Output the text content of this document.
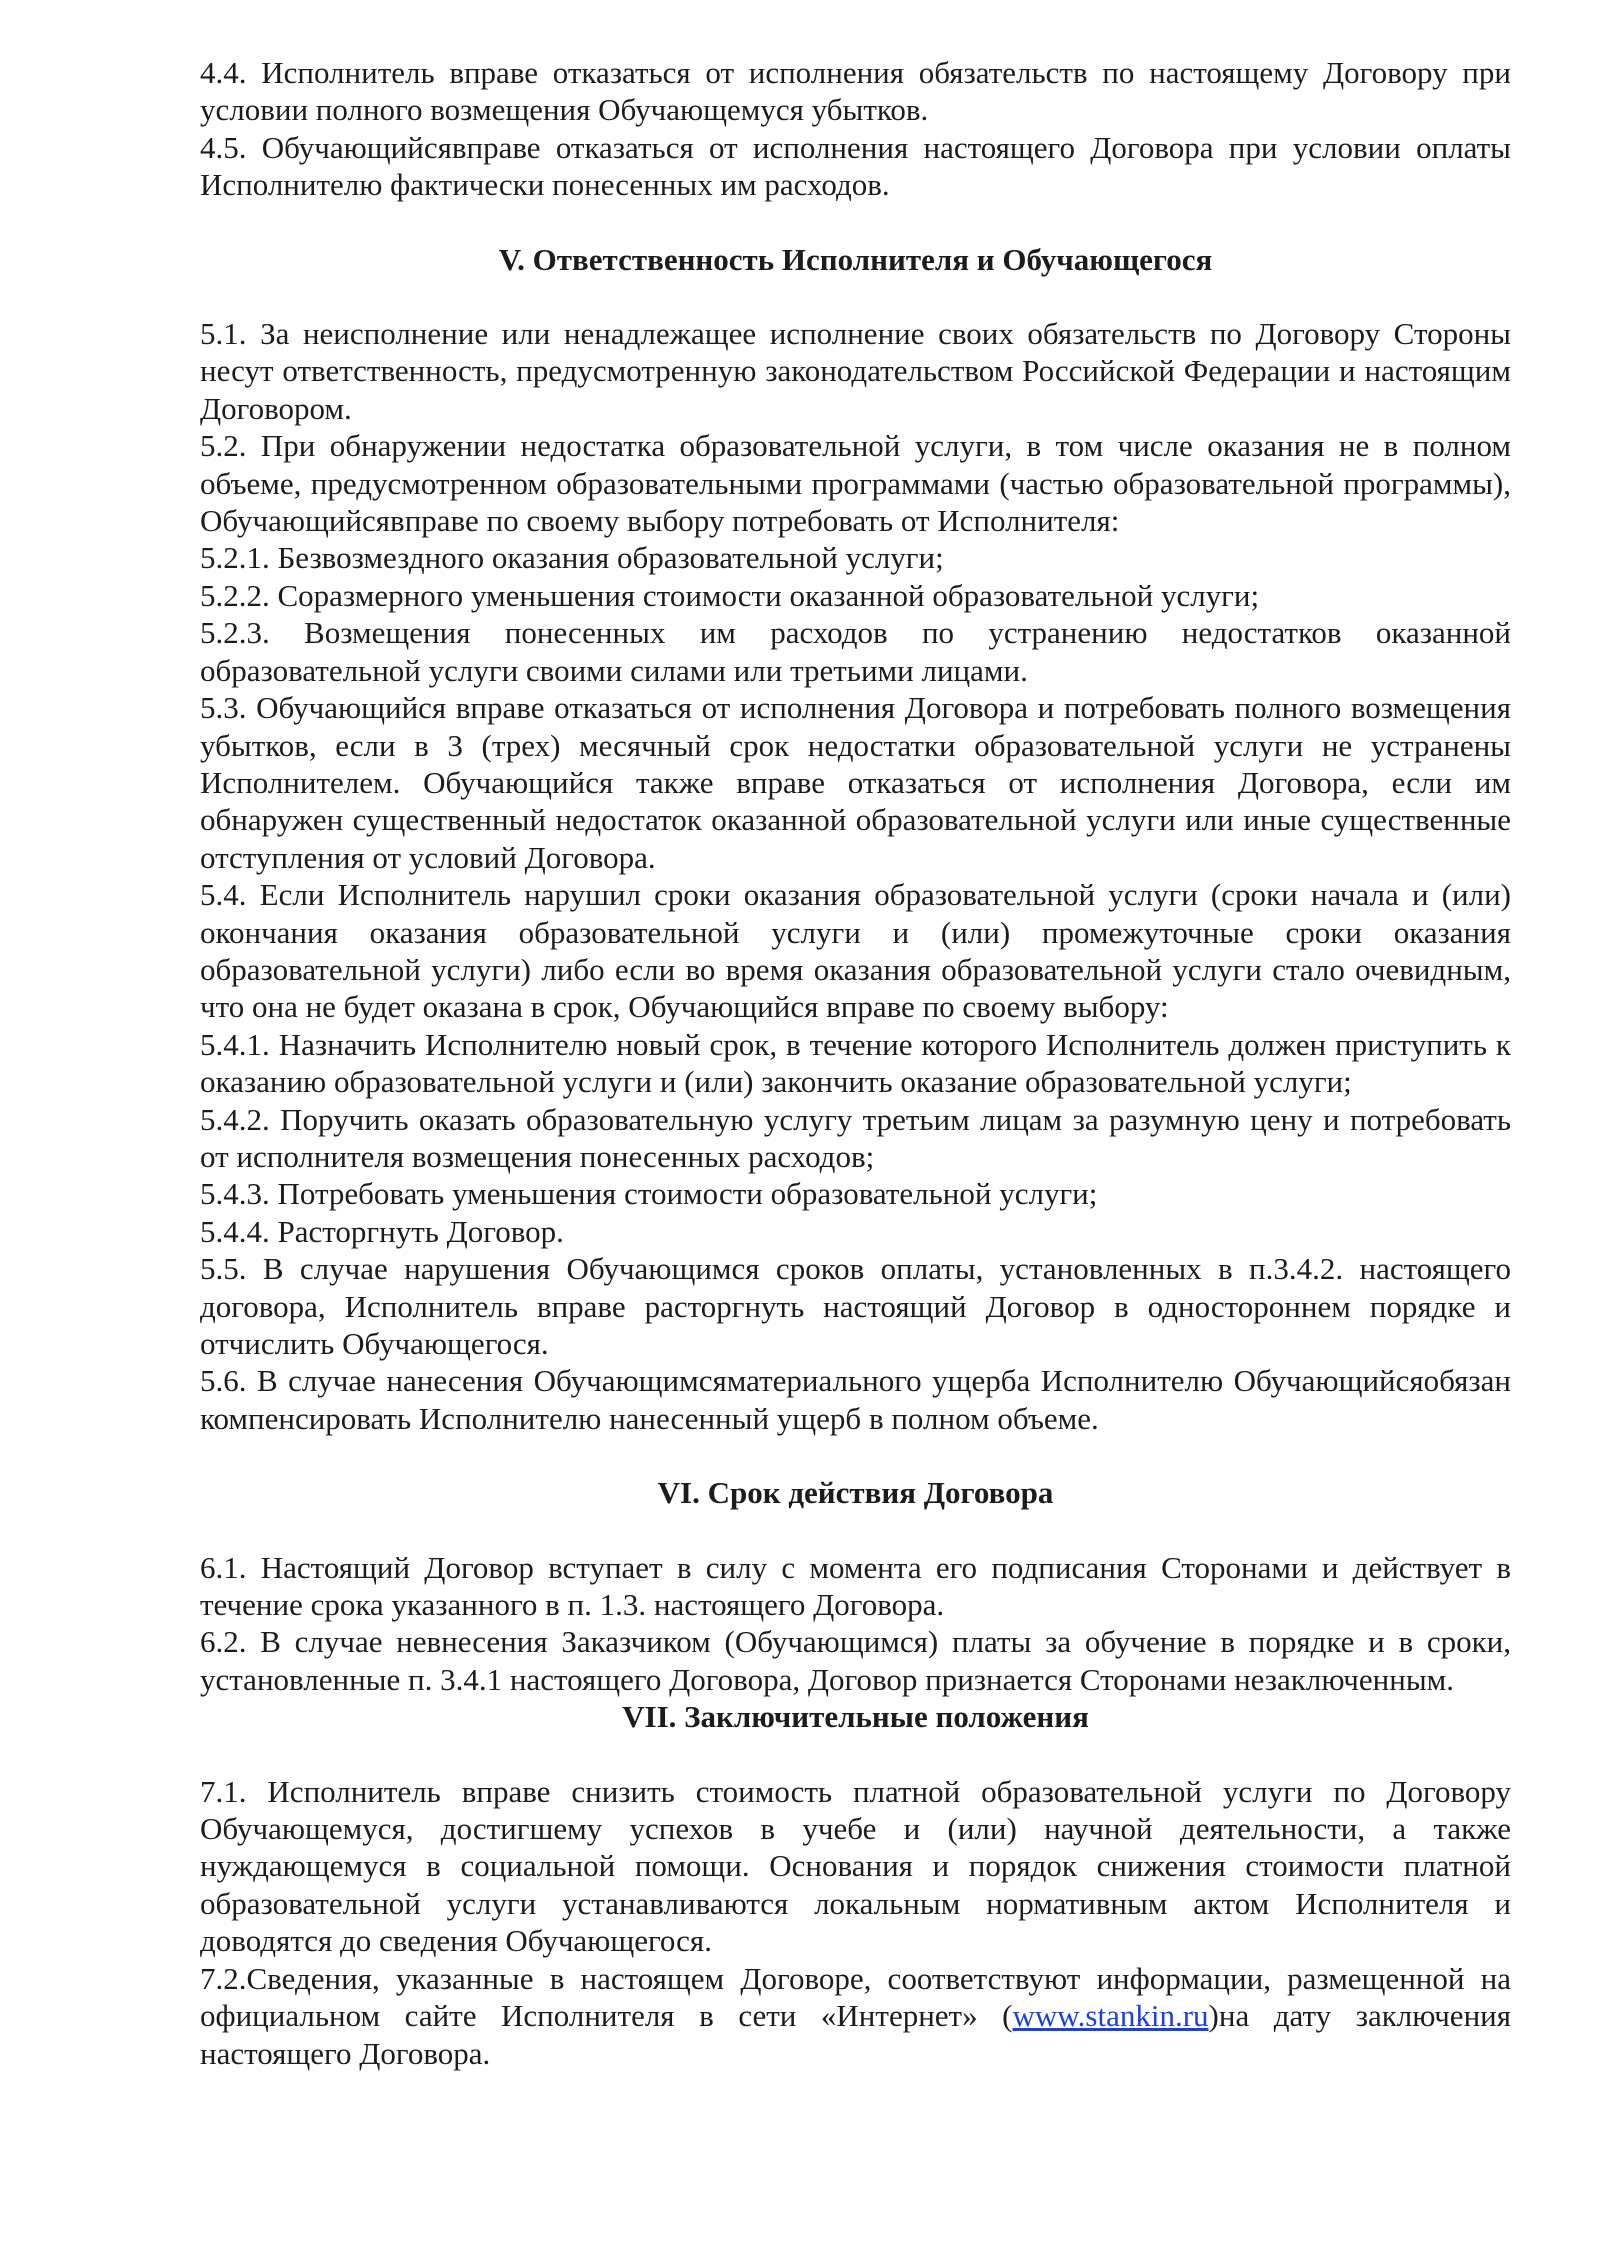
4.4. Исполнитель вправе отказаться от исполнения обязательств по настоящему Договору при условии полного возмещения Обучающемуся убытков.

4.5. Обучающийсявправе отказаться от исполнения настоящего Договора при условии оплаты Исполнителю фактически понесенных им расходов.

V. Ответственность Исполнителя и Обучающегося

5.1. За неисполнение или ненадлежащее исполнение своих обязательств по Договору Стороны несут ответственность, предусмотренную законодательством Российской Федерации и настоящим Договором.

5.2. При обнаружении недостатка образовательной услуги, в том числе оказания не в полном объеме, предусмотренном образовательными программами (частью образовательной программы), Обучающийсявправе по своему выбору потребовать от Исполнителя:

5.2.1. Безвозмездного оказания образовательной услуги;

5.2.2. Соразмерного уменьшения стоимости оказанной образовательной услуги;

5.2.3. Возмещения понесенных им расходов по устранению недостатков оказанной образовательной услуги своими силами или третьими лицами.

5.3. Обучающийся вправе отказаться от исполнения Договора и потребовать полного возмещения убытков, если в 3 (трех) месячный срок недостатки образовательной услуги не устранены Исполнителем. Обучающийся также вправе отказаться от исполнения Договора, если им обнаружен существенный недостаток оказанной образовательной услуги или иные существенные отступления от условий Договора.

5.4. Если Исполнитель нарушил сроки оказания образовательной услуги (сроки начала и (или) окончания оказания образовательной услуги и (или) промежуточные сроки оказания образовательной услуги) либо если во время оказания образовательной услуги стало очевидным, что она не будет оказана в срок, Обучающийся вправе по своему выбору:

5.4.1. Назначить Исполнителю новый срок, в течение которого Исполнитель должен приступить к оказанию образовательной услуги и (или) закончить оказание образовательной услуги;

5.4.2. Поручить оказать образовательную услугу третьим лицам за разумную цену и потребовать от исполнителя возмещения понесенных расходов;

5.4.3. Потребовать уменьшения стоимости образовательной услуги;

5.4.4. Расторгнуть Договор.

5.5. В случае нарушения Обучающимся сроков оплаты, установленных в п.3.4.2. настоящего договора, Исполнитель вправе расторгнуть настоящий Договор в одностороннем порядке и отчислить Обучающегося.

5.6. В случае нанесения Обучающимсяматериального ущерба Исполнителю Обучающийсяобязан компенсировать Исполнителю нанесенный ущерб в полном объеме.

VI. Срок действия Договора

6.1. Настоящий Договор вступает в силу с момента его подписания Сторонами и действует в течение срока указанного в п. 1.3. настоящего Договора.

6.2. В случае невнесения Заказчиком (Обучающимся) платы за обучение в порядке и в сроки, установленные п. 3.4.1 настоящего Договора, Договор признается Сторонами незаключенным.

VII. Заключительные положения

7.1. Исполнитель вправе снизить стоимость платной образовательной услуги по Договору Обучающемуся, достигшему успехов в учебе и (или) научной деятельности, а также нуждающемуся в социальной помощи. Основания и порядок снижения стоимости платной образовательной услуги устанавливаются локальным нормативным актом Исполнителя и доводятся до сведения Обучающегося.

7.2.Сведения, указанные в настоящем Договоре, соответствуют информации, размещенной на официальном сайте Исполнителя в сети «Интернет» (www.stankin.ru)на дату заключения настоящего Договора.
